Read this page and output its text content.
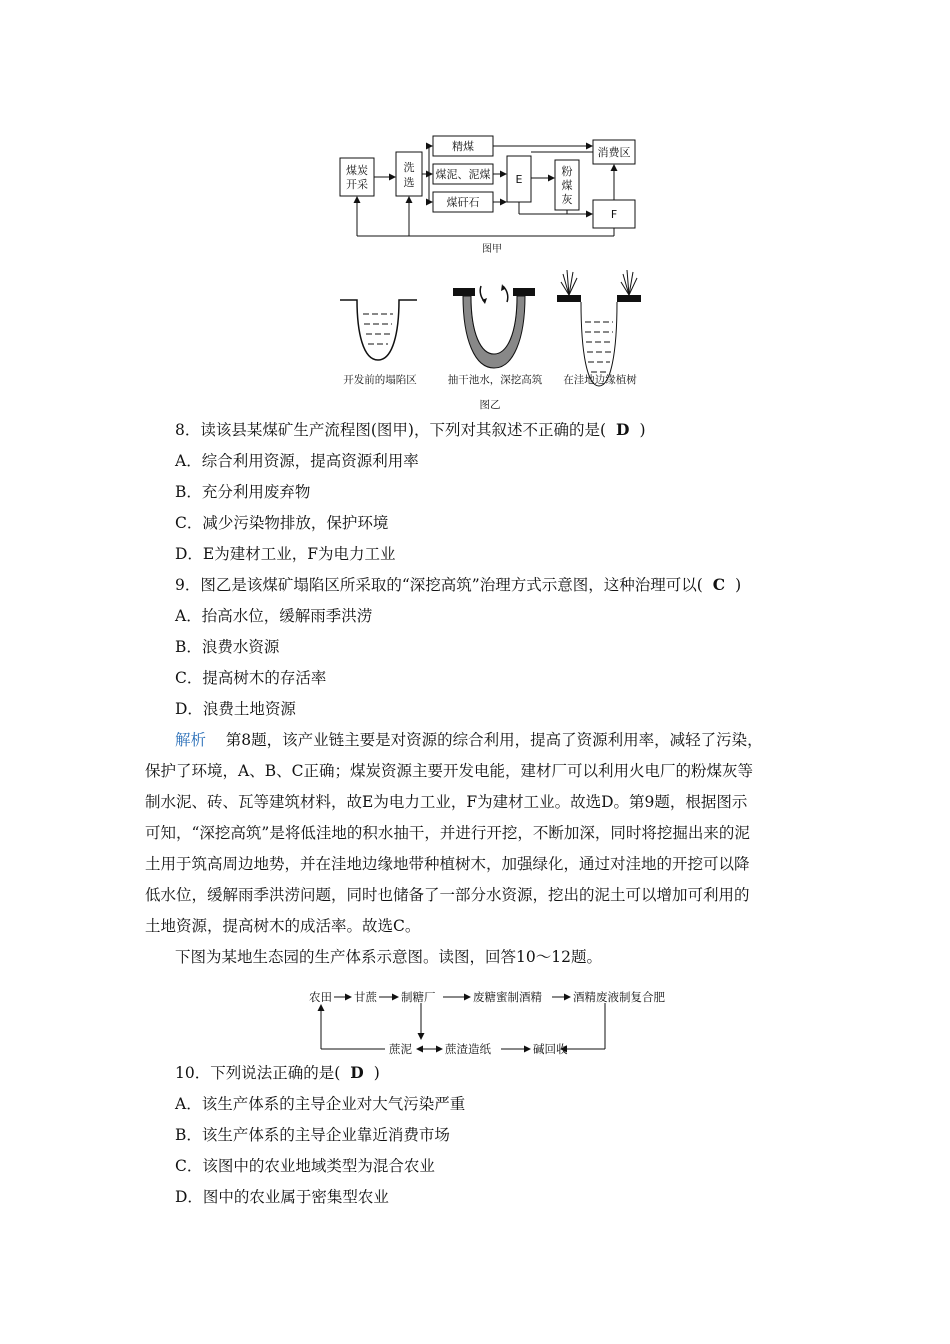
煤炭
开采
洗
选
精煤
煤泥、泥煤
煤矸石
E
粉
煤
灰
消费区
F
图甲
开发前的塌陷区	抽干池水，深挖高筑 在洼地边缘植树
图乙
8．读该县某煤矿生产流程图(图甲)，下列对其叙述不正确的是( D )
A．综合利用资源，提高资源利用率
B．充分利用废弃物
C．减少污染物排放，保护环境
D．E为建材工业，F为电力工业
9．图乙是该煤矿塌陷区所采取的“深挖高筑”治理方式示意图，这种治理可以( C )
A．抬高水位，缓解雨季洪涝
B．浪费水资源
C．提高树木的存活率
D．浪费土地资源
解析 第8题，该产业链主要是对资源的综合利用，提高了资源利用率，减轻了污染，
保护了环境，A、B、C正确；煤炭资源主要开发电能，建材厂可以利用火电厂的粉煤灰等
制水泥、砖、瓦等建筑材料，故E为电力工业，F为建材工业。故选D。第9题，根据图示
可知，“深挖高筑”是将低洼地的积水抽干，并进行开挖，不断加深，同时将挖掘出来的泥
土用于筑高周边地势，并在洼地边缘地带种植树木，加强绿化，通过对洼地的开挖可以降
低水位，缓解雨季洪涝问题，同时也储备了一部分水资源，挖出的泥土可以增加可利用的
土地资源，提高树木的成活率。故选C。
下图为某地生态园的生产体系示意图。读图，回答10～12题。
农田 甘蔗 制糖厂	废糖蜜制酒精	酒精废液制复合肥
蔗泥	蔗渣造纸	碱回收
10．下列说法正确的是( D )
A．该生产体系的主导企业对大气污染严重
B．该生产体系的主导企业靠近消费市场
C．该图中的农业地域类型为混合农业
D．图中的农业属于密集型农业
